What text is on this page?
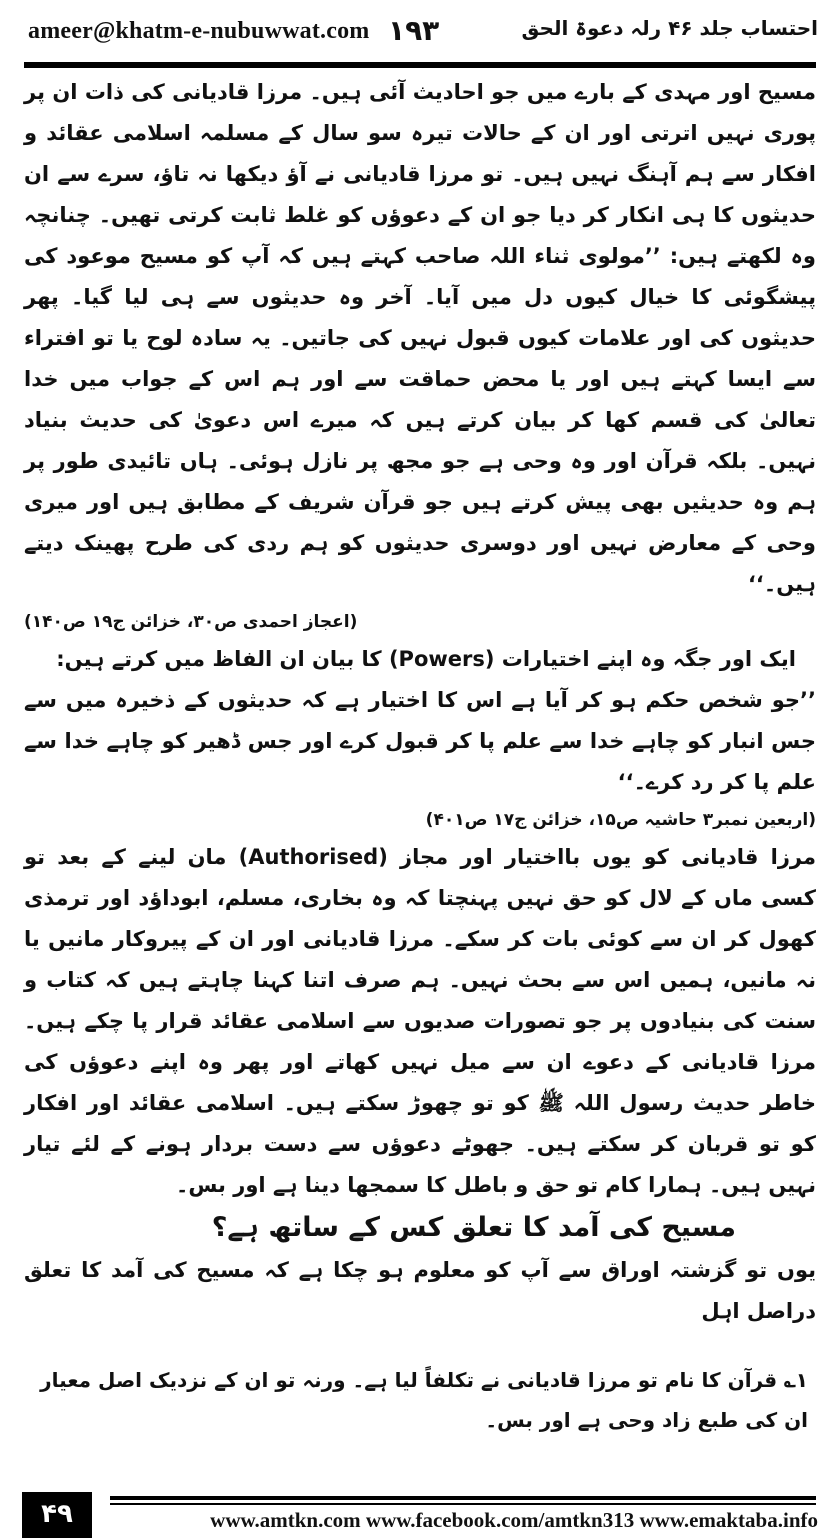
ameer@khatm-e-nubuwwat.com ۱۹۳	احتساب جلد ۴۶ رلہ دعوۃ الحق

مسیح اور مہدی کے بارے میں جو احادیث آئی ہیں۔ مرزا قادیانی کی ذات ان پر پوری نہیں اترتی اور ان کے حالات تیرہ سو سال کے مسلمہ اسلامی عقائد و افکار سے ہم آہنگ نہیں ہیں۔ تو مرزا قادیانی نے آؤ دیکھا نہ تاؤ، سرے سے ان حدیثوں کا ہی انکار کر دیا جو ان کے دعوؤں کو غلط ثابت کرتی تھیں۔ چنانچہ وہ لکھتے ہیں: ’’مولوی ثناء اللہ صاحب کہتے ہیں کہ آپ کو مسیح موعود کی پیشگوئی کا خیال کیوں دل میں آیا۔ آخر وہ حدیثوں سے ہی لیا گیا۔ پھر حدیثوں کی اور علامات کیوں قبول نہیں کی جاتیں۔ یہ سادہ لوح یا تو افتراء سے ایسا کہتے ہیں اور یا محض حماقت سے اور ہم اس کے جواب میں خدا تعالیٰ کی قسم کھا کر بیان کرتے ہیں کہ میرے اس دعویٰ کی حدیث بنیاد نہیں۔ بلکہ قرآن اور وہ وحی ہے جو مجھ پر نازل ہوئی۔ ہاں تائیدی طور پر ہم وہ حدیثیں بھی پیش کرتے ہیں جو قرآن شریف کے مطابق ہیں اور میری وحی کے معارض نہیں اور دوسری حدیثوں کو ہم ردی کی طرح پھینک دیتے ہیں۔‘‘

(اعجاز احمدی ص۳۰، خزائن ج۱۹ ص۱۴۰)

ایک اور جگہ وہ اپنے اختیارات (Powers) کا بیان ان الفاظ میں کرتے ہیں:

’’جو شخص حکم ہو کر آیا ہے اس کا اختیار ہے کہ حدیثوں کے ذخیرہ میں سے جس انبار کو چاہے خدا سے علم پا کر قبول کرے اور جس ڈھیر کو چاہے خدا سے علم پا کر رد کرے۔‘‘

(اربعین نمبر۳ حاشیہ ص۱۵، خزائن ج۱۷ ص۴۰۱)

مرزا قادیانی کو یوں بااختیار اور مجاز (Authorised) مان لینے کے بعد تو کسی ماں کے لال کو حق نہیں پہنچتا کہ وہ بخاری، مسلم، ابوداؤد اور ترمذی کھول کر ان سے کوئی بات کر سکے۔ مرزا قادیانی اور ان کے پیروکار مانیں یا نہ مانیں، ہمیں اس سے بحث نہیں۔ ہم صرف اتنا کہنا چاہتے ہیں کہ کتاب و سنت کی بنیادوں پر جو تصورات صدیوں سے اسلامی عقائد قرار پا چکے ہیں۔ مرزا قادیانی کے دعوے ان سے میل نہیں کھاتے اور پھر وہ اپنے دعوؤں کی خاطر حدیث رسول اللہ ﷺ کو تو چھوڑ سکتے ہیں۔ اسلامی عقائد اور افکار کو تو قربان کر سکتے ہیں۔ جھوٹے دعوؤں سے دست بردار ہونے کے لئے تیار نہیں ہیں۔ ہمارا کام تو حق و باطل کا سمجھا دینا ہے اور بس۔

مسیح کی آمد کا تعلق کس کے ساتھ ہے؟

یوں تو گزشتہ اوراق سے آپ کو معلوم ہو چکا ہے کہ مسیح کی آمد کا تعلق دراصل اہل

۱؎ قرآن کا نام تو مرزا قادیانی نے تکلفاً لیا ہے۔ ورنہ تو ان کے نزدیک اصل معیار ان کی طبع زاد وحی ہے اور بس۔

۴۹	www.amtkn.com www.facebook.com/amtkn313 www.emaktaba.info
